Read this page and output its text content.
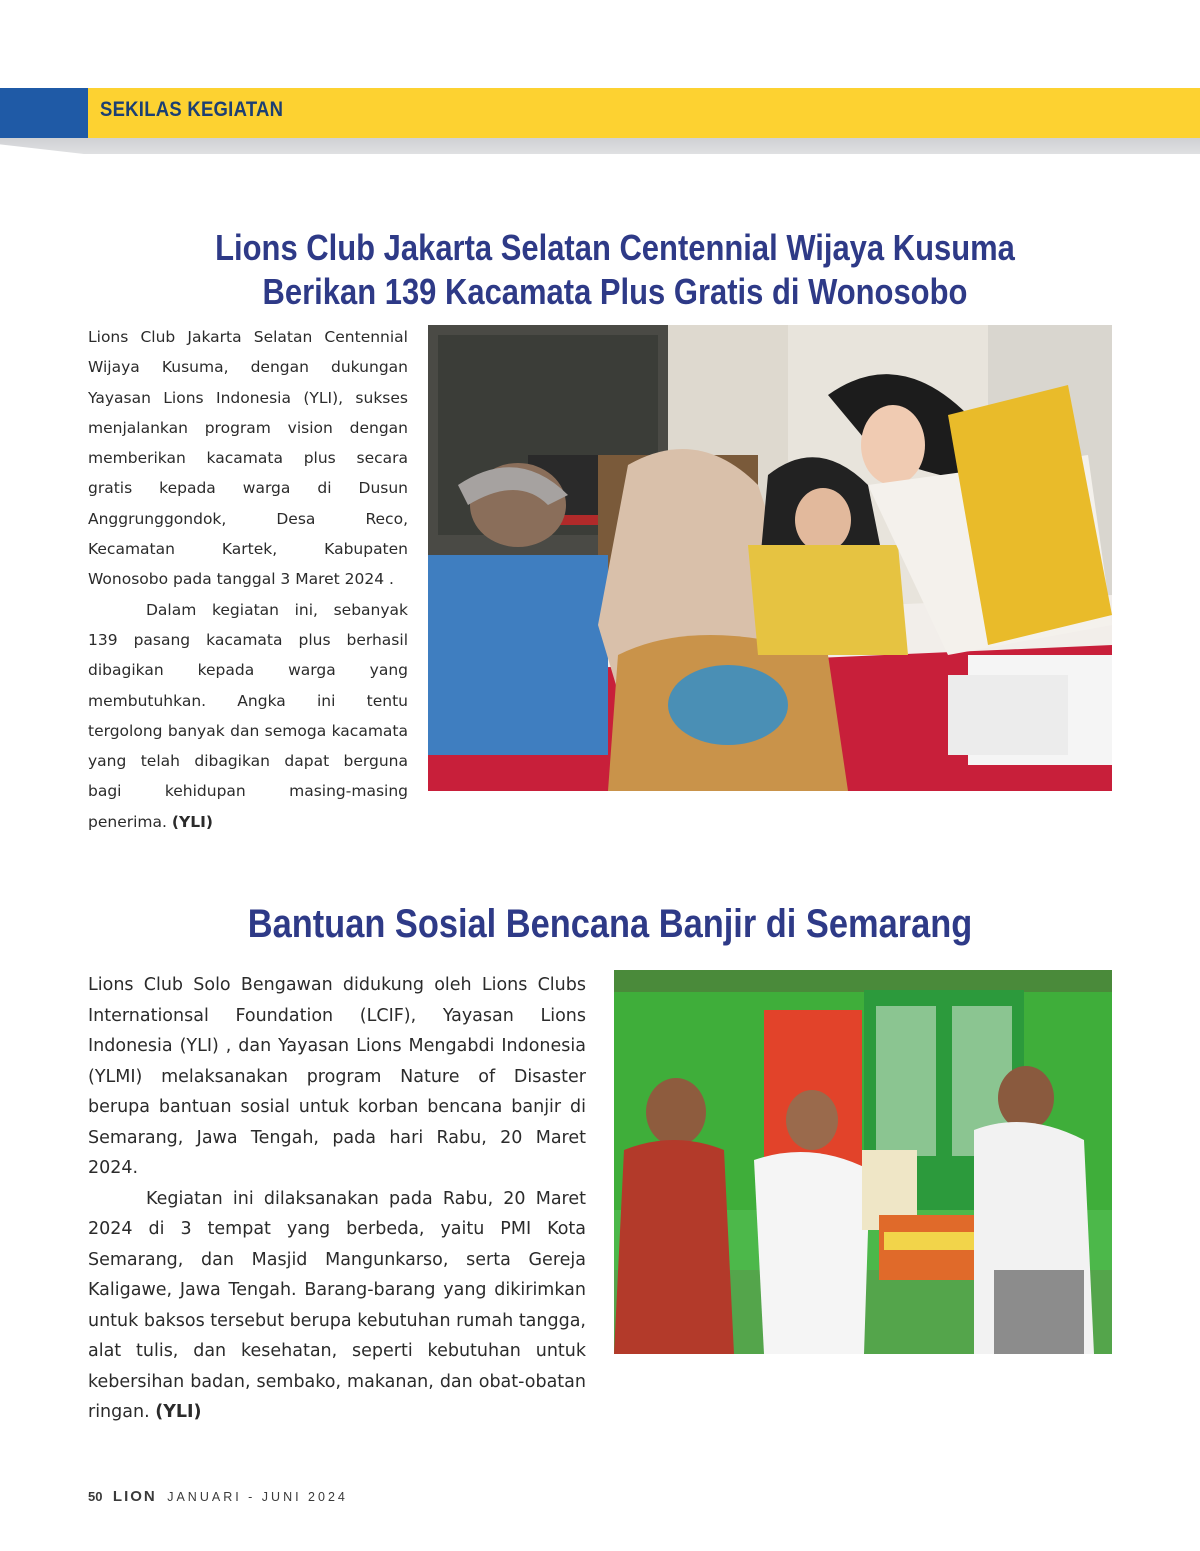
SEKILAS KEGIATAN
Lions Club Jakarta Selatan Centennial Wijaya Kusuma
Berikan 139 Kacamata Plus Gratis di Wonosobo

Lions Club Jakarta Selatan Centennial Wijaya Kusuma, dengan dukungan Yayasan Lions Indonesia (YLI), sukses menjalankan program vision dengan memberikan kacamata plus secara gratis kepada warga di Dusun Anggrunggondok, Desa Reco, Kecamatan Kartek, Kabupaten Wonosobo pada tanggal 3 Maret 2024 .

Dalam kegiatan ini, sebanyak 139 pasang kacamata plus berhasil dibagikan kepada warga yang membutuhkan. Angka ini tentu tergolong banyak dan semoga kacamata yang telah dibagikan dapat berguna bagi kehidupan masing-masing penerima. (YLI)

Bantuan Sosial Bencana Banjir di Semarang

Lions Club Solo Bengawan didukung oleh Lions Clubs Internationsal Foundation (LCIF), Yayasan Lions Indonesia (YLI) , dan Yayasan Lions Mengabdi Indonesia (YLMI) melaksanakan program Nature of Disaster berupa bantuan sosial untuk korban bencana banjir di Semarang, Jawa Tengah, pada hari Rabu, 20 Maret 2024.

Kegiatan ini dilaksanakan pada Rabu, 20 Maret 2024 di 3 tempat yang berbeda, yaitu PMI Kota Semarang, dan Masjid Mangunkarso, serta Gereja Kaligawe, Jawa Tengah. Barang-barang yang dikirimkan untuk baksos tersebut berupa kebutuhan rumah tangga, alat tulis, dan kesehatan, seperti kebutuhan untuk kebersihan badan, sembako, makanan, dan obat-obatan ringan. (YLI)

50 LION JANUARI - JUNI 2024
